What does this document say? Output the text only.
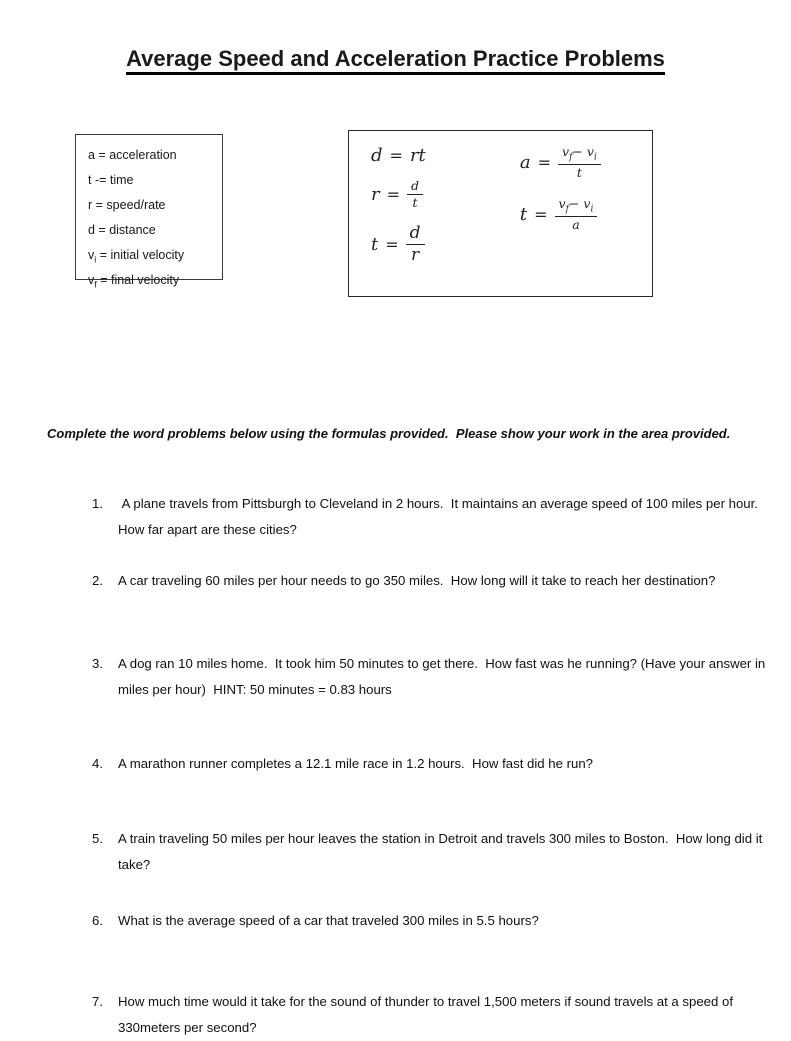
Average Speed and Acceleration Practice Problems
a = acceleration
t -= time
r = speed/rate
d = distance
$v_i$ = initial velocity
$v_f$ = final velocity
d = rt
$r = \frac{d}{t}$
$t = \frac{d}{r}$
$a = \frac{v_f- v_i}{t}$
$t = \frac{v_f- v_i}{a}$

Complete the word problems below using the formulas provided.  Please show your work in the area provided.

1.	A plane travels from Pittsburgh to Cleveland in 2 hours.  It maintains an average speed of 100 miles per hour.  How far apart are these cities?
2.	A car traveling 60 miles per hour needs to go 350 miles.  How long will it take to reach her destination?
3.	A dog ran 10 miles home.  It took him 50 minutes to get there.  How fast was he running? (Have your answer in miles per hour)  HINT: 50 minutes = 0.83 hours
4.	A marathon runner completes a 12.1 mile race in 1.2 hours.  How fast did he run?
5.	A train traveling 50 miles per hour leaves the station in Detroit and travels 300 miles to Boston.  How long did it take?
6.	What is the average speed of a car that traveled 300 miles in 5.5 hours?
7.	How much time would it take for the sound of thunder to travel 1,500 meters if sound travels at a speed of 330meters per second?
